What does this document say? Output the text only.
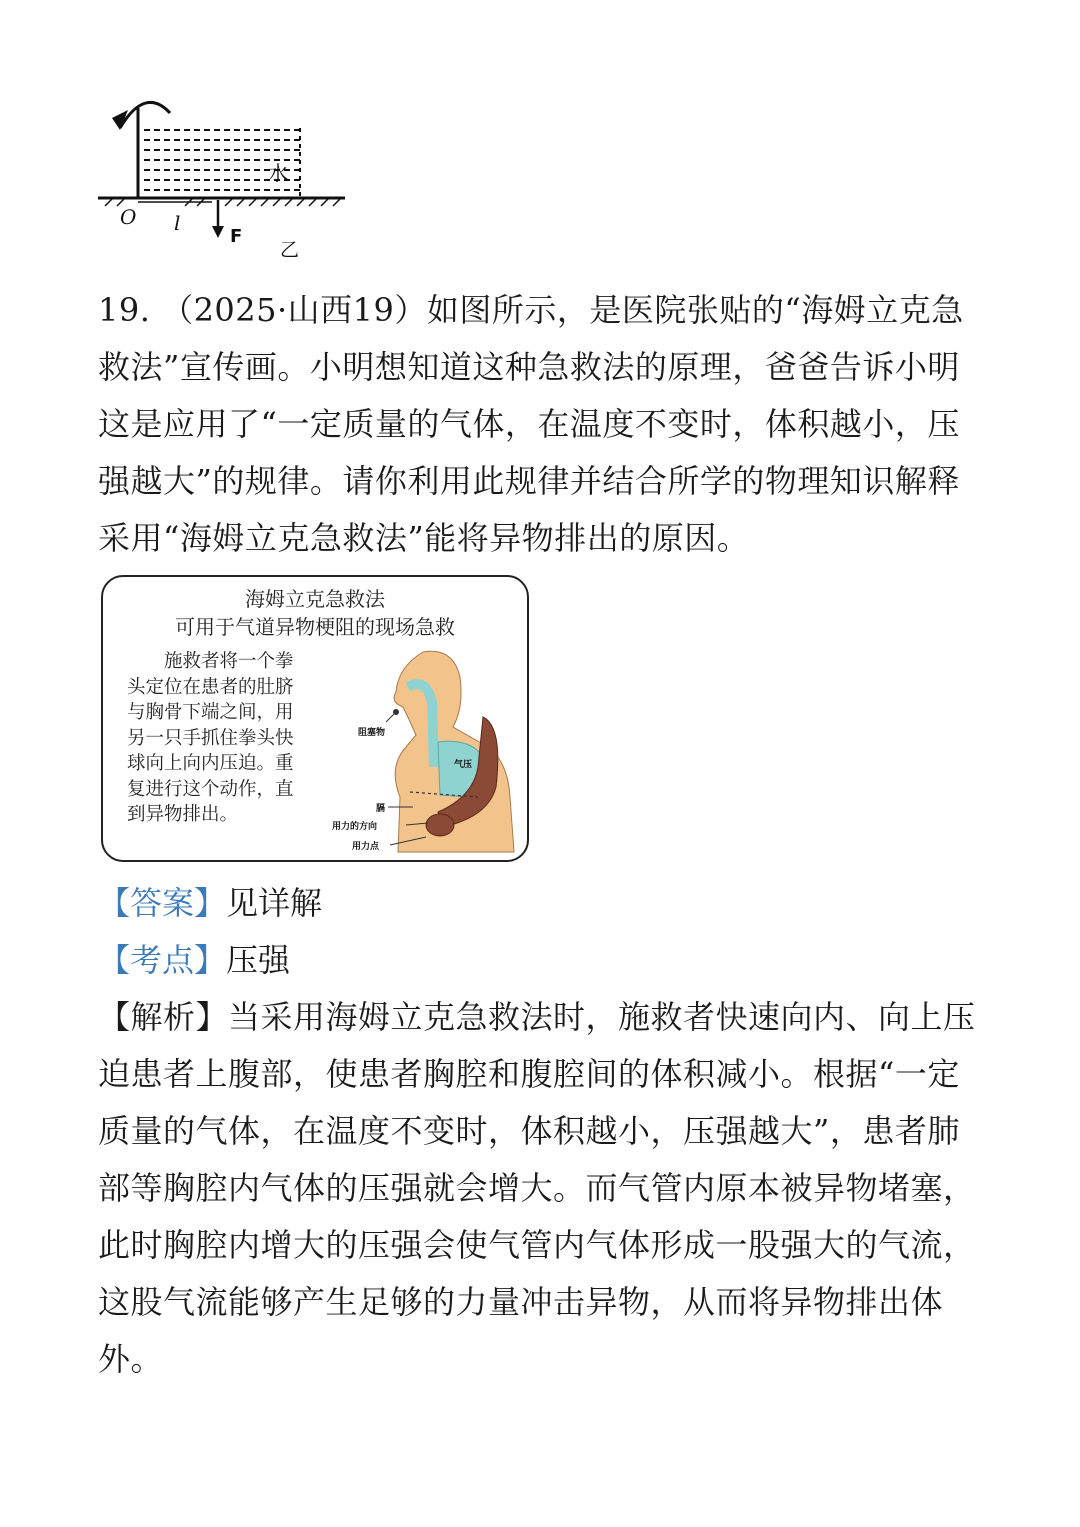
水
O l
F
乙
19. （2025·山西19）如图所示，是医院张贴的“海姆立克急救法”宣传画。小明想知道这种急救法的原理，爸爸告诉小明这是应用了“一定质量的气体，在温度不变时，体积越小，压强越大”的规律。请你利用此规律并结合所学的物理知识解释采用“海姆立克急救法”能将异物排出的原因。
海姆立克急救法
可用于气道异物梗阻的现场急救
施救者将一个拳头定位在患者的肚脐与胸骨下端之间，用另一只手抓住拳头快球向上向内压迫。重复进行这个动作，直到异物排出。
气压
阻塞物
膈
用力的方向
用力点
【答案】见详解
【考点】压强
【解析】当采用海姆立克急救法时，施救者快速向内、向上压迫患者上腹部，使患者胸腔和腹腔间的体积减小。根据“一定质量的气体，在温度不变时，体积越小，压强越大”，患者肺部等胸腔内气体的压强就会增大。而气管内原本被异物堵塞，此时胸腔内增大的压强会使气管内气体形成一股强大的气流，这股气流能够产生足够的力量冲击异物，从而将异物排出体外。
